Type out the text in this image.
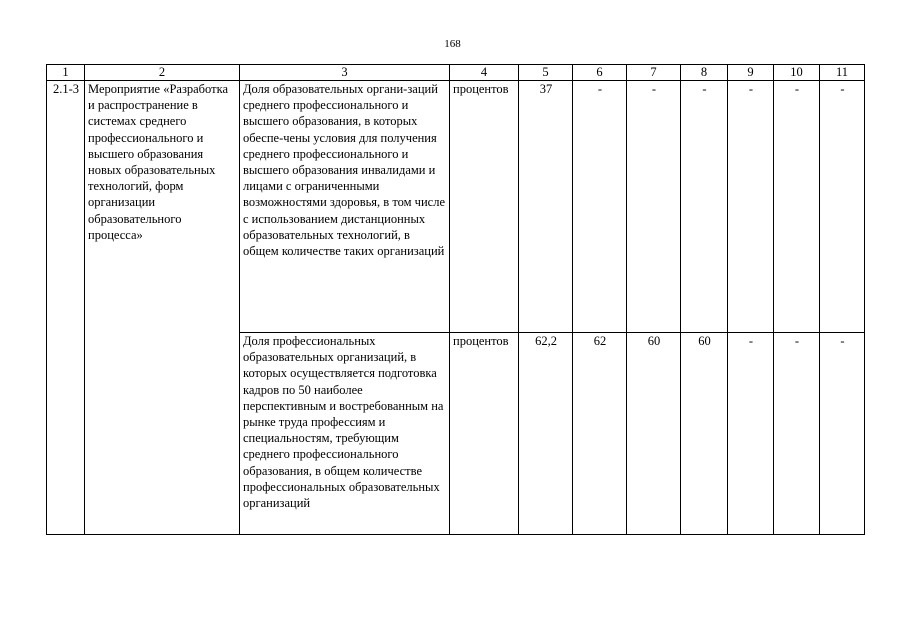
168
1	2	3	4	5	6	7	8	9	10	11
2.1-3	Мероприятие «Разработка и распространение в системах среднего профессионального и высшего образования новых образовательных технологий, форм организации образовательного процесса»	Доля образовательных органи-заций среднего профессионального и высшего образования, в которых обеспе-чены условия для получения среднего профессионального и высшего образования инвалидами и лицами с ограниченными возможностями здоровья, в том числе с использованием дистанционных образовательных технологий, в общем количестве таких организаций	процентов	37	-	-	-	-	-	-
		Доля профессиональных образовательных организаций, в которых осуществляется подготовка кадров по 50 наиболее перспективным и востребованным на рынке труда профессиям и специальностям, требующим среднего профессионального образования, в общем количестве профессиональных образовательных организаций	процентов	62,2	62	60	60	-	-	-
